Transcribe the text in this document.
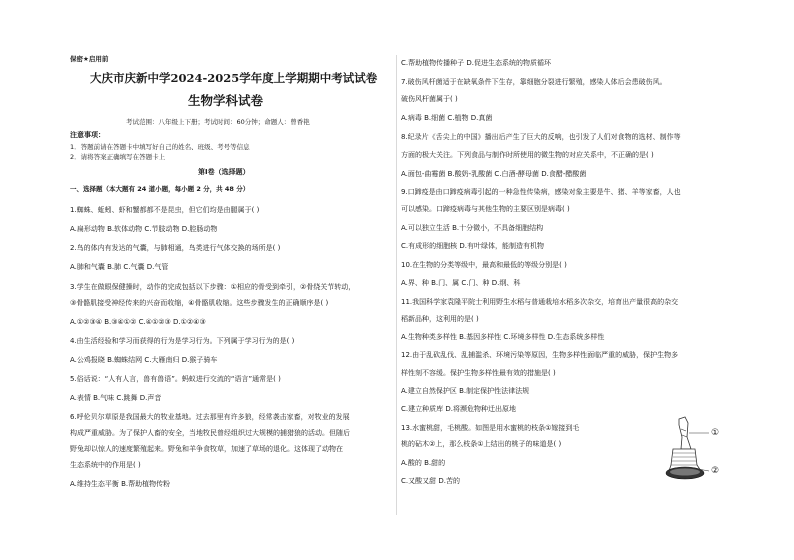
保密★启用前
大庆市庆新中学2024-2025学年度上学期期中考试试卷
生物学科试卷
考试范围：八年级上下册；考试时间：60分钟；命题人：曾香艳
注意事项：
1．答题前请在答题卡中填写好自己的姓名、班级、考号等信息
2．请将答案正确填写在答题卡上
第I卷（选择题）
一、选择题（本大题有 24 道小题，每小题 2 分，共 48 分）
1.蜘蛛、蚯蚓、虾和蟹都都不是昆虫，但它们均是由腿属于( )
A.扁形动物 B.软体动物 C.节肢动物 D.腔肠动物
2.鸟的体内有发达的气囊，与肺相通，鸟类进行气体交换的场所是( )
A.肺和气囊 B.肺 C.气囊 D.气管
3.学生在做眼保健操时，动作的完成包括以下步骤：①相应的骨受到牵引，②骨绕关节转动，
③骨骼肌接受神经传来的兴奋而收缩，④骨骼肌收缩。这些步骤发生的正确顺序是( )
A.①②③④ B.③④①② C.④①②③ D.①②④③
4.由生活经验和学习而获得的行为是学习行为。下列属于学习行为的是( )
A.公鸡报晓 B.蜘蛛结网 C.大雁南归 D.猴子骑车
5.俗话说：“人有人言，兽有兽语”。蚂蚁进行交流的“语言”通常是( )
A.表情 B.气味 C.跳舞 D.声音
6.呼伦贝尔草原是我国最大的牧业基地。过去那里有许多狼，经常袭击家畜，对牧业的发展
构成严重威胁。为了保护人畜的安全，当地牧民曾经组织过大规模的捕猎狼的活动。但随后
野兔却以惊人的速度繁殖起来。野兔和羊争食牧草，加速了草场的退化。这体现了动物在
生态系统中的作用是( )
A.维持生态平衡 B.帮助植物传粉
C.帮助植物传播种子 D.促进生态系统的物质循环
7.破伤风杆菌适于在缺氧条件下生存，靠细胞分裂进行繁殖，感染人体后会患破伤风。
破伤风杆菌属于( )
A.病毒 B.细菌 C.植物 D.真菌
8.纪录片《舌尖上的中国》播出后产生了巨大的反响，也引发了人们对食物的选材、制作等
方面的极大关注。下列食品与制作时所使用的微生物的对应关系中，不正确的是( )
A.面包-曲霉菌 B.酸奶-乳酸菌 C.白酒-酵母菌 D.食醋-醋酸菌
9.口蹄疫是由口蹄疫病毒引起的一种急性传染病，感染对象主要是牛、猪、羊等家畜，人也
可以感染。口蹄疫病毒与其他生物的主要区别是病毒( )
A.可以独立生活 B.十分微小，不具备细胞结构
C.有成形的细胞核 D.有叶绿体，能制造有机物
10.在生物的分类等级中，最高和最低的等级分别是( )
A.界、种 B.门、属 C.门、种 D.纲、科
11.我国科学家袁隆平院士利用野生水稻与普通栽培水稻多次杂交，培育出产量很高的杂交
稻新品种，这利用的是( )
A.生物种类多样性 B.基因多样性 C.环境多样性 D.生态系统多样性
12.由于乱砍乱伐、乱捕滥杀、环境污染等原因，生物多样性面临严重的威胁，保护生物多
样性刻不容缓。保护生物多样性最有效的措施是( )
A.建立自然保护区 B.制定保护性法律法规
C.建立种质库 D.将濒危物种迁出原地
13.水蜜桃甜，毛桃酸。如图是用水蜜桃的枝条①嫁接到毛
桃的砧木②上，那么枝条①上结出的桃子的味道是( )
A.酸的 B.甜的
C.又酸又甜 D.苦的
①
②
